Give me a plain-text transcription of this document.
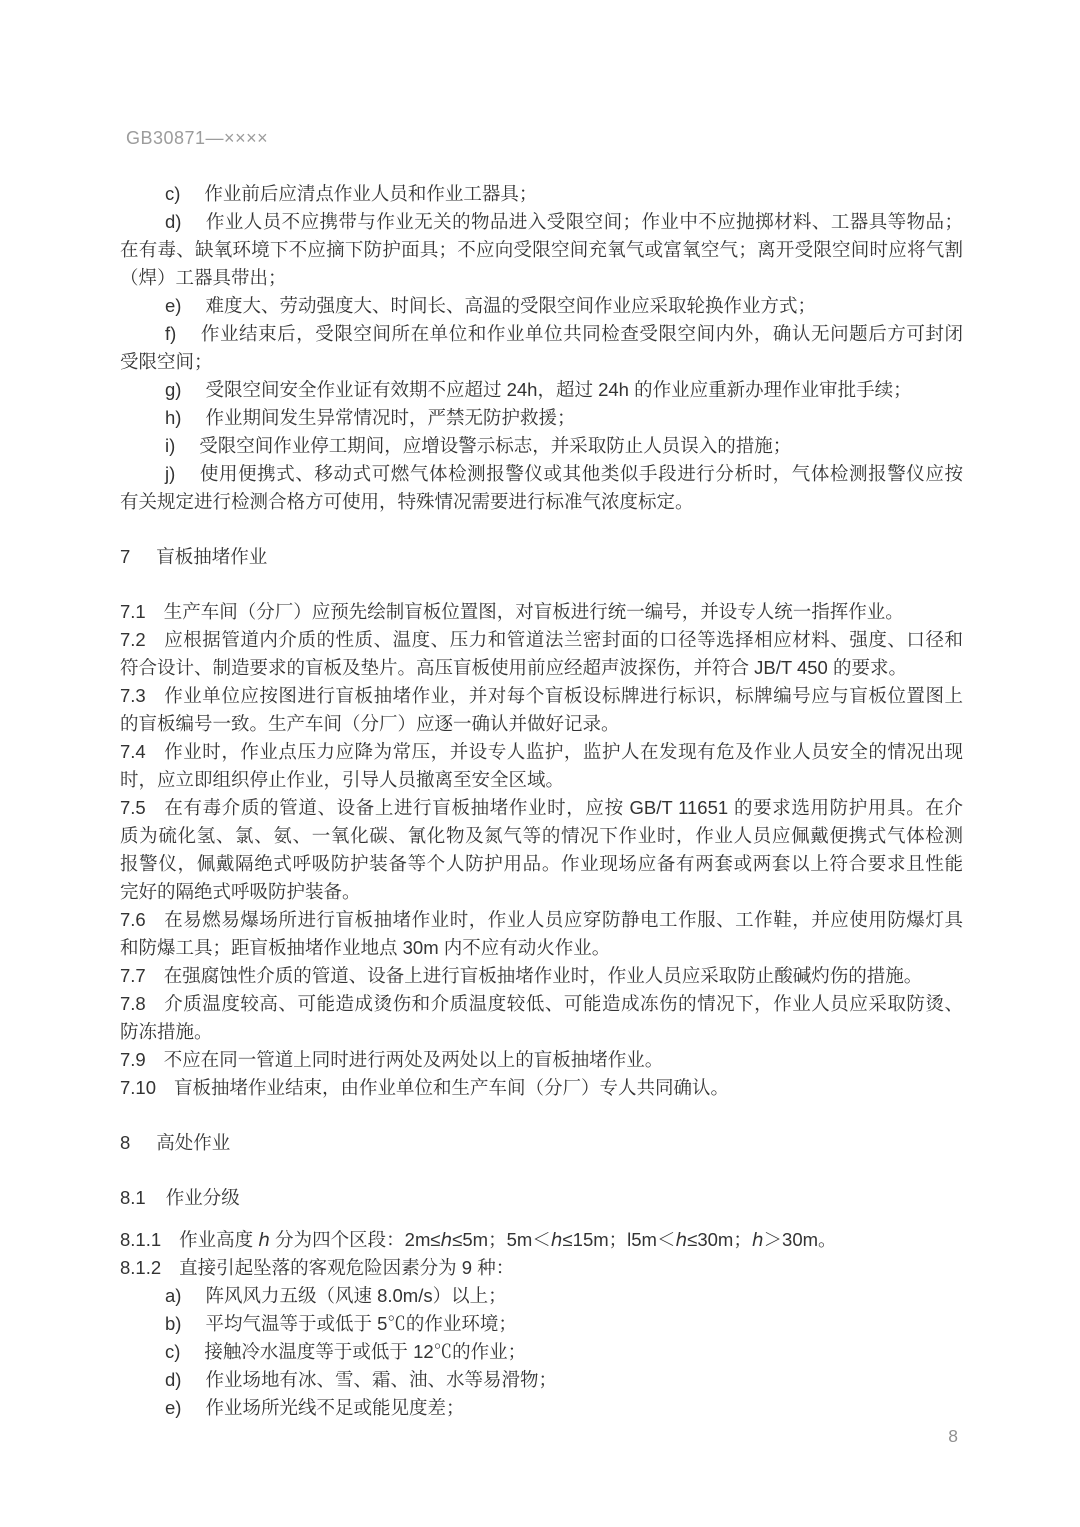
GB30871—××××
c) 作业前后应清点作业人员和作业工器具；
d) 作业人员不应携带与作业无关的物品进入受限空间；作业中不应抛掷材料、工器具等物品；
在有毒、缺氧环境下不应摘下防护面具；不应向受限空间充氧气或富氧空气；离开受限空间时应将气割
（焊）工器具带出；
e) 难度大、劳动强度大、时间长、高温的受限空间作业应采取轮换作业方式；
f) 作业结束后，受限空间所在单位和作业单位共同检查受限空间内外，确认无问题后方可封闭
受限空间；
g) 受限空间安全作业证有效期不应超过 24h，超过 24h 的作业应重新办理作业审批手续；
h) 作业期间发生异常情况时，严禁无防护救援；
i) 受限空间作业停工期间，应增设警示标志，并采取防止人员误入的措施；
j) 使用便携式、移动式可燃气体检测报警仪或其他类似手段进行分析时，气体检测报警仪应按
有关规定进行检测合格方可使用，特殊情况需要进行标准气浓度标定。
7 盲板抽堵作业
7.1 生产车间（分厂）应预先绘制盲板位置图，对盲板进行统一编号，并设专人统一指挥作业。
7.2 应根据管道内介质的性质、温度、压力和管道法兰密封面的口径等选择相应材料、强度、口径和
符合设计、制造要求的盲板及垫片。高压盲板使用前应经超声波探伤，并符合 JB/T 450 的要求。
7.3 作业单位应按图进行盲板抽堵作业，并对每个盲板设标牌进行标识，标牌编号应与盲板位置图上
的盲板编号一致。生产车间（分厂）应逐一确认并做好记录。
7.4 作业时，作业点压力应降为常压，并设专人监护，监护人在发现有危及作业人员安全的情况出现
时，应立即组织停止作业，引导人员撤离至安全区域。
7.5 在有毒介质的管道、设备上进行盲板抽堵作业时，应按 GB/T 11651 的要求选用防护用具。在介
质为硫化氢、氯、氨、一氧化碳、氰化物及氮气等的情况下作业时，作业人员应佩戴便携式气体检测
报警仪，佩戴隔绝式呼吸防护装备等个人防护用品。作业现场应备有两套或两套以上符合要求且性能
完好的隔绝式呼吸防护装备。
7.6 在易燃易爆场所进行盲板抽堵作业时，作业人员应穿防静电工作服、工作鞋，并应使用防爆灯具
和防爆工具；距盲板抽堵作业地点 30m 内不应有动火作业。
7.7 在强腐蚀性介质的管道、设备上进行盲板抽堵作业时，作业人员应采取防止酸碱灼伤的措施。
7.8 介质温度较高、可能造成烫伤和介质温度较低、可能造成冻伤的情况下，作业人员应采取防烫、
防冻措施。
7.9 不应在同一管道上同时进行两处及两处以上的盲板抽堵作业。
7.10 盲板抽堵作业结束，由作业单位和生产车间（分厂）专人共同确认。
8 高处作业
8.1 作业分级
8.1.1 作业高度 ℎ 分为四个区段：2m≤ℎ≤5m；5m＜ℎ≤15m；l5m＜ℎ≤30m；ℎ＞30m。
8.1.2 直接引起坠落的客观危险因素分为 9 种：
a) 阵风风力五级（风速 8.0m/s）以上；
b) 平均气温等于或低于 5℃的作业环境；
c) 接触冷水温度等于或低于 12℃的作业；
d) 作业场地有冰、雪、霜、油、水等易滑物；
e) 作业场所光线不足或能见度差；
8
